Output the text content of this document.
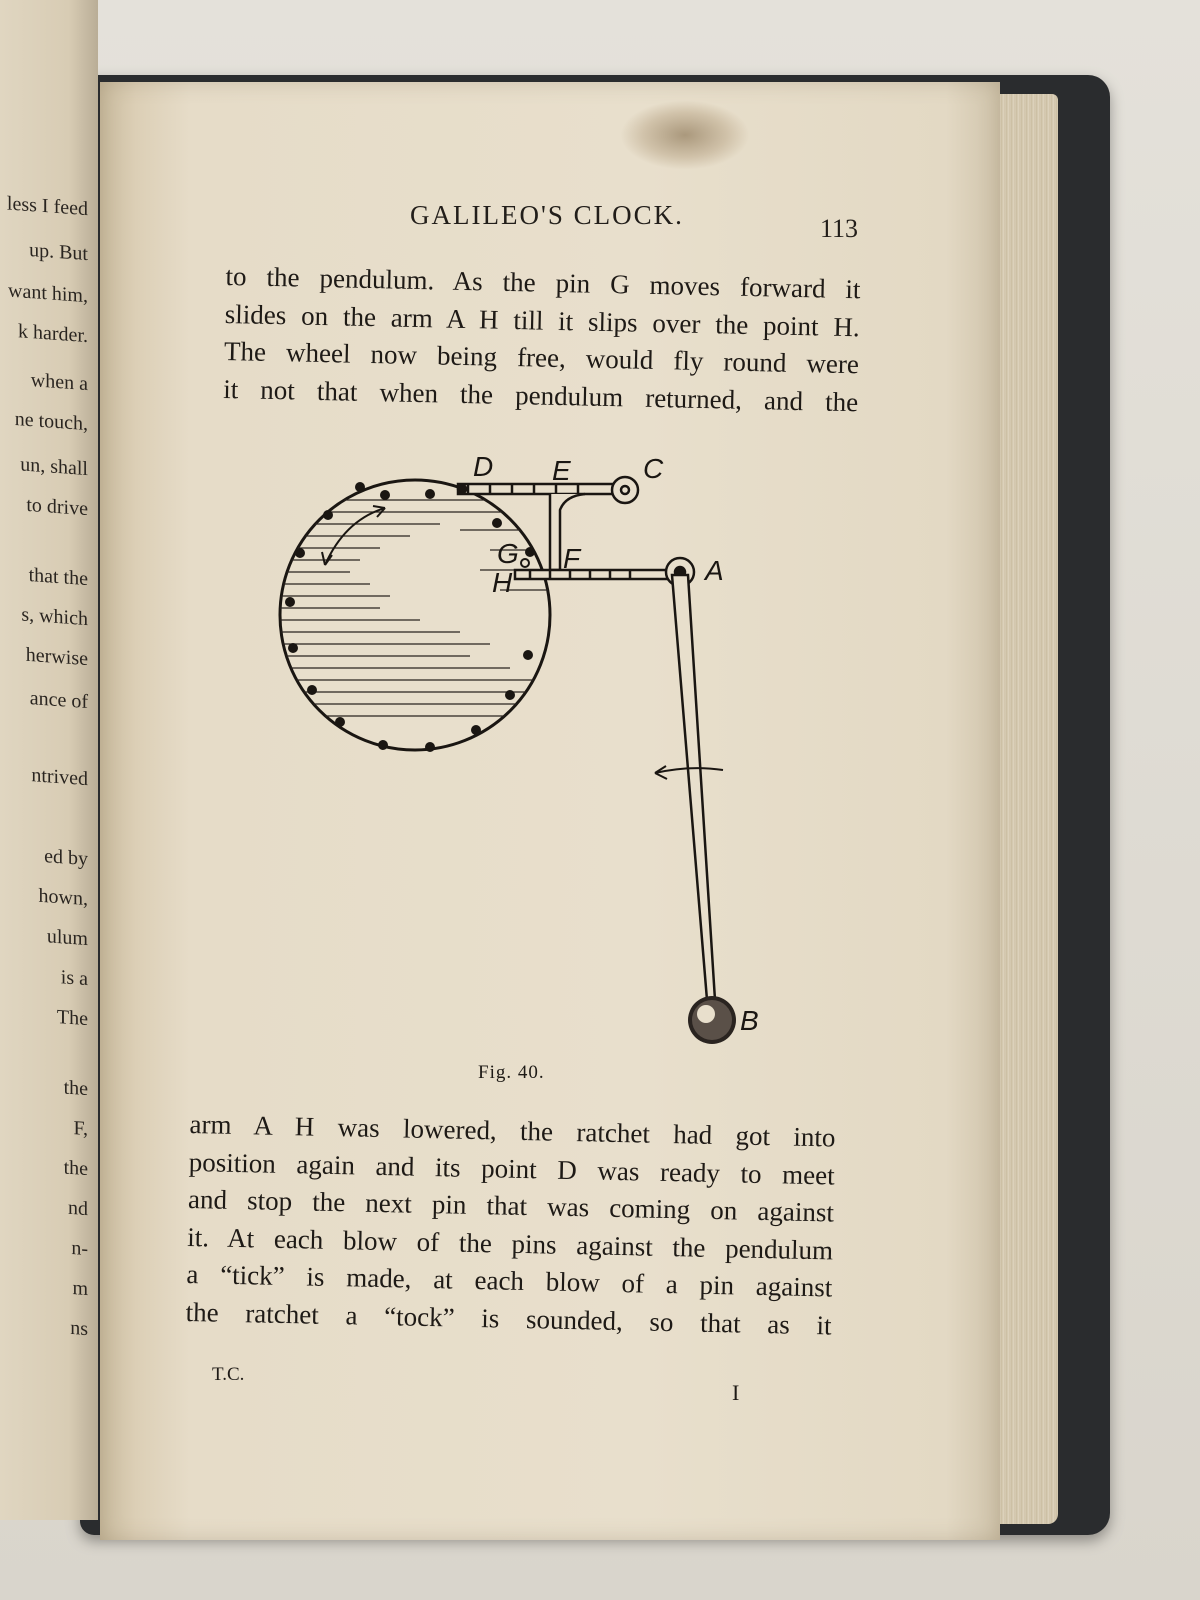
less I feed
up. But
want him,
k harder.
when a
ne touch,
un, shall
to drive
that the
s, which
herwise
ance of
ntrived
ed by
hown,
ulum
is a
The
the
F,
the
nd
n-
m
ns
GALILEO'S CLOCK.	113
to the pendulum. As the pin G moves forward it
slides on the arm A H till it slips over the point H.
The wheel now being free, would fly round were
it not that when the pendulum returned, and the
D E	C
G F
H	A
B
Fig. 40.
arm A H was lowered, the ratchet had got into
position again and its point D was ready to meet
and stop the next pin that was coming on against
it. At each blow of the pins against the pendulum
a “tick” is made, at each blow of a pin against
the ratchet a “tock” is sounded, so that as it
T.C.
I
